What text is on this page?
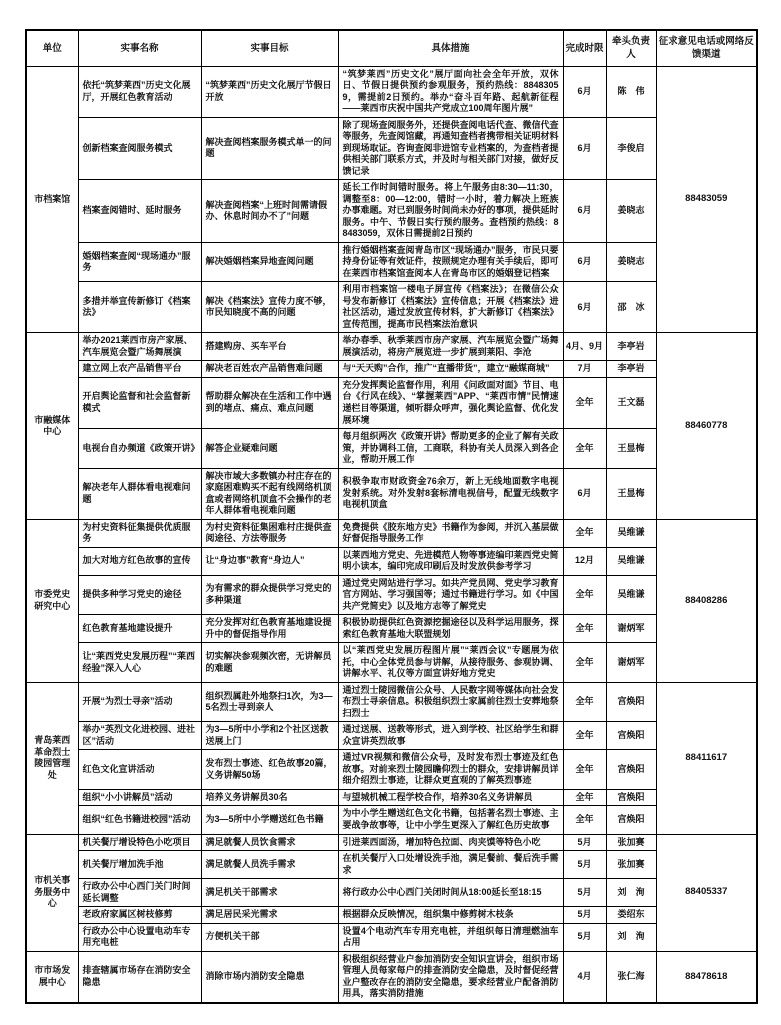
单位	实事名称	实事目标	具体措施	完成时限	牵头负责人	征求意见电话或网络反馈渠道
市档案馆	依托“筑梦莱西”历史文化展厅，开展红色教育活动	“筑梦莱西”历史文化展厅节假日开放	“筑梦莱西”历史文化”展厅面向社会全年开放，双休日、节假日提供预约参观服务，预约热线：88483059，需提前2日预约。举办“奋斗百年路、起航新征程——莱西市庆祝中国共产党成立100周年图片展”	6月	陈　伟	88483059
	创新档案查阅服务模式	解决查阅档案服务模式单一的问题	除了现场查阅服务外，还提供查阅电话代查、微信代查等服务，先查阅馆藏，再通知查档者携带相关证明材料到现场取证。咨询查阅非进馆专业档案的，为查档者提供相关部门联系方式，并及时与相关部门对接，做好反馈记录	6月	李俊启	
	档案查阅错时、延时服务	解决查阅档案“上班时间需请假办、休息时间办不了”问题	延长工作时间错时服务。将上午服务由8:30—11:30，调整至8：00—12:00，错时一小时，着力解决上班族办事难题。对已到服务时间尚未办好的事项，提供延时服务。中午、节假日实行预约服务。查档预约热线：88483059，双休日需提前2日预约	6月	姜晓志	
	婚姻档案查阅“现场通办”服务	解决婚姻档案异地查阅问题	推行婚姻档案查阅青岛市区“现场通办”服务，市民只要持身份证等有效证件，按照规定办理有关手续后，即可在莱西市档案馆查阅本人在青岛市区的婚姻登记档案	6月	姜晓志	
	多措并举宣传新修订《档案法》	解决《档案法》宣传力度不够，市民知晓度不高的问题	利用市档案馆一楼电子屏宣传《档案法》；在微信公众号发布新修订《档案法》宣传信息；开展《档案法》进社区活动，通过发放宣传材料，扩大新修订《档案法》宣传范围，提高市民档案法治意识	6月	邵　冰	
市融媒体中心	举办2021莱西市房产家展、汽车展览会暨广场舞展演	搭建购房、买车平台	举办春季、秋季莱西市房产家展、汽车展览会暨广场舞展演活动，将房产展览进一步扩展到莱阳、李沧	4月、9月	李亭岩	88460778
	建立网上农产品销售平台	解决老百姓农产品销售难问题	与“天天购”合作，推广“直播带货”，建立“融媒商城”	7月	李亭岩	
	开启舆论监督和社会监督新模式	帮助群众解决在生活和工作中遇到的堵点、痛点、难点问题	充分发挥舆论监督作用，利用《问政面对面》节目、电台《行风在线》、“掌握莱西”APP、“莱西市情”民情速递栏目等渠道，倾听群众呼声，强化舆论监督、优化发展环境	全年	王文磊	
	电视台自办频道《政策开讲》	解答企业疑难问题	每月组织两次《政策开讲》帮助更多的企业了解有关政策，并协调科工信，工商联，科协有关人员深入到各企业，帮助开展工作	全年	王显梅	
	解决老年人群体看电视难问题	解决市域大多数镇办村庄存在的家庭困难购买不起有线网络机顶盒或者网络机顶盒不会操作的老年人群体看电视难问题	积极争取市财政资金76余万，新上无线地面数字电视发射系统。对外发射8套标清电视信号，配置无线数字电视机顶盒	6月	王显梅	
市委党史研究中心	为村史资料征集提供优质服务	为村史资料征集困难村庄提供查阅途径、方法等服务	免费提供《胶东地方史》书籍作为参阅，并沉入基层做好督促指导服务工作	全年	吴维谦	88408286
	加大对地方红色故事的宣传	让“身边事”教育“身边人”	以莱西地方党史、先进模范人物等事迹编印莱西党史简明小读本，编印完成印刷后及时发放供参考学习	12月	吴维谦	
	提供多种学习党史的途径	为有需求的群众提供学习党史的多种渠道	通过党史网站进行学习。如共产党员网、党史学习教育官方网站、学习强国等；通过书籍进行学习。如《中国共产党简史》以及地方志等了解党史	全年	吴维谦	
	红色教育基地建设提升	充分发挥对红色教育基地建设提升中的督促指导作用	积极协助提供红色资源挖掘途径以及科学运用服务，探索红色教育基地大联盟规划	全年	谢炳军	
	让“莱西党史发展历程”“莱西经验”深入人心	切实解决参观频次密，无讲解员的难题	以“莱西党史发展历程图片展”“莱西会议”专题展为依托，中心全体党员参与讲解，从接待服务、参观协调、讲解水平、礼仪等方面宣讲好地方党史	全年	谢炳军	
青岛莱西革命烈士陵园管理处	开展“为烈士寻亲”活动	组织烈属赴外地祭扫1次，为3—5名烈士寻到亲人	通过烈士陵园微信公众号、人民数字网等媒体向社会发布烈士寻亲信息。积极组织烈士家属前往烈士安葬地祭扫烈士	全年	宫焕阳	88411617
	举办“英烈文化进校园、进社区”活动	为3—5所中小学和2个社区送教送展上门	通过送展、送教等形式，进入到学校、社区给学生和群众宣讲英烈故事	全年	宫焕阳	
	红色文化宣讲活动	发布烈士事迹、红色故事20篇，义务讲解50场	通过VR视频和微信公众号，及时发布烈士事迹及红色故事。对前来烈士陵园瞻仰烈士的群众，安排讲解员详细介绍烈士事迹，让群众更直观的了解英烈事迹	全年	宫焕阳	
	组织“小小讲解员”活动	培养义务讲解员30名	与望城机械工程学校合作，培养30名义务讲解员	全年	宫焕阳	
	组织“红色书籍进校园”活动	为3—5所中小学赠送红色书籍	为中小学生赠送红色文化书籍，包括著名烈士事迹、主要战争故事等，让中小学生更深入了解红色历史故事	全年	宫焕阳	
市机关事务服务中心	机关餐厅增设特色小吃项目	满足就餐人员饮食需求	引进莱西面汤，增加特色拉面、肉夹馍等特色小吃	5月	张加赛	88405337
	机关餐厅增加洗手池	满足就餐人员洗手需求	在机关餐厅入口处增设洗手池，满足餐前、餐后洗手需求	5月	张加赛	
	行政办公中心西门关门时间延长调整	满足机关干部需求	将行政办公中心西门关闭时间从18:00延长至18:15	5月	刘　洵	
	老政府家属区树枝修剪	满足居民采光需求	根据群众反映情况，组织集中修剪树木枝条	5月	娄绍东	
	行政办公中心设置电动车专用充电桩	方便机关干部	设置4个电动汽车专用充电桩，并组织每日清理燃油车占用	5月	刘　洵	
市市场发展中心	排查辖属市场存在消防安全隐患	消除市场内消防安全隐患	积极组织经营业户参加消防安全知识宣讲会，组织市场管理人员每家每户的排查消防安全隐患，及时督促经营业户整改存在的消防安全隐患，要求经营业户配备消防用具，落实消防措施	4月	张仁海	88478618
